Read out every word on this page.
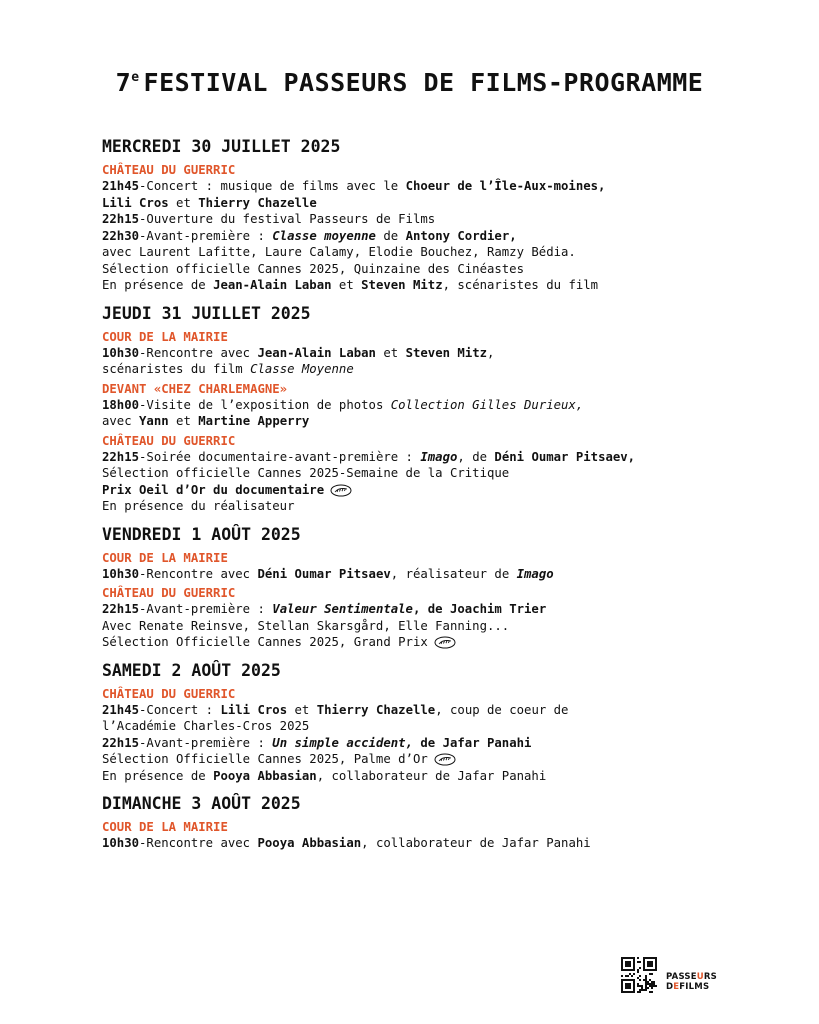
7e FESTIVAL PASSEURS DE FILMS-PROGRAMME
MERCREDI 30 JUILLET 2025
CHÂTEAU DU GUERRIC
21h45-Concert : musique de films avec le Choeur de l’Île-Aux-moines,
Lili Cros et Thierry Chazelle
22h15-Ouverture du festival Passeurs de Films
22h30-Avant-première : Classe moyenne de Antony Cordier,
avec Laurent Lafitte, Laure Calamy, Elodie Bouchez, Ramzy Bédia.
Sélection officielle Cannes 2025, Quinzaine des Cinéastes
En présence de Jean-Alain Laban et Steven Mitz, scénaristes du film
JEUDI 31 JUILLET 2025
COUR DE LA MAIRIE
10h30-Rencontre avec Jean-Alain Laban et Steven Mitz,
scénaristes du film Classe Moyenne
DEVANT «CHEZ CHARLEMAGNE»
18h00-Visite de l’exposition de photos Collection Gilles Durieux,
avec Yann et Martine Apperry
CHÂTEAU DU GUERRIC
22h15-Soirée documentaire-avant-première : Imago, de Déni Oumar Pitsaev,
Sélection officielle Cannes 2025-Semaine de la Critique
Prix Oeil d’Or du documentaire
En présence du réalisateur
VENDREDI 1 AOÛT 2025
COUR DE LA MAIRIE
10h30-Rencontre avec Déni Oumar Pitsaev, réalisateur de Imago
CHÂTEAU DU GUERRIC
22h15-Avant-première : Valeur Sentimentale, de Joachim Trier
Avec Renate Reinsve, Stellan Skarsgård, Elle Fanning...
Sélection Officielle Cannes 2025, Grand Prix
SAMEDI 2 AOÛT 2025
CHÂTEAU DU GUERRIC
21h45-Concert : Lili Cros et Thierry Chazelle, coup de coeur de
l’Académie Charles-Cros 2025
22h15-Avant-première : Un simple accident, de Jafar Panahi
Sélection Officielle Cannes 2025, Palme d’Or
En présence de Pooya Abbasian, collaborateur de Jafar Panahi
DIMANCHE 3 AOÛT 2025
COUR DE LA MAIRIE
10h30-Rencontre avec Pooya Abbasian, collaborateur de Jafar Panahi
PASSEURS
DEFILMS
